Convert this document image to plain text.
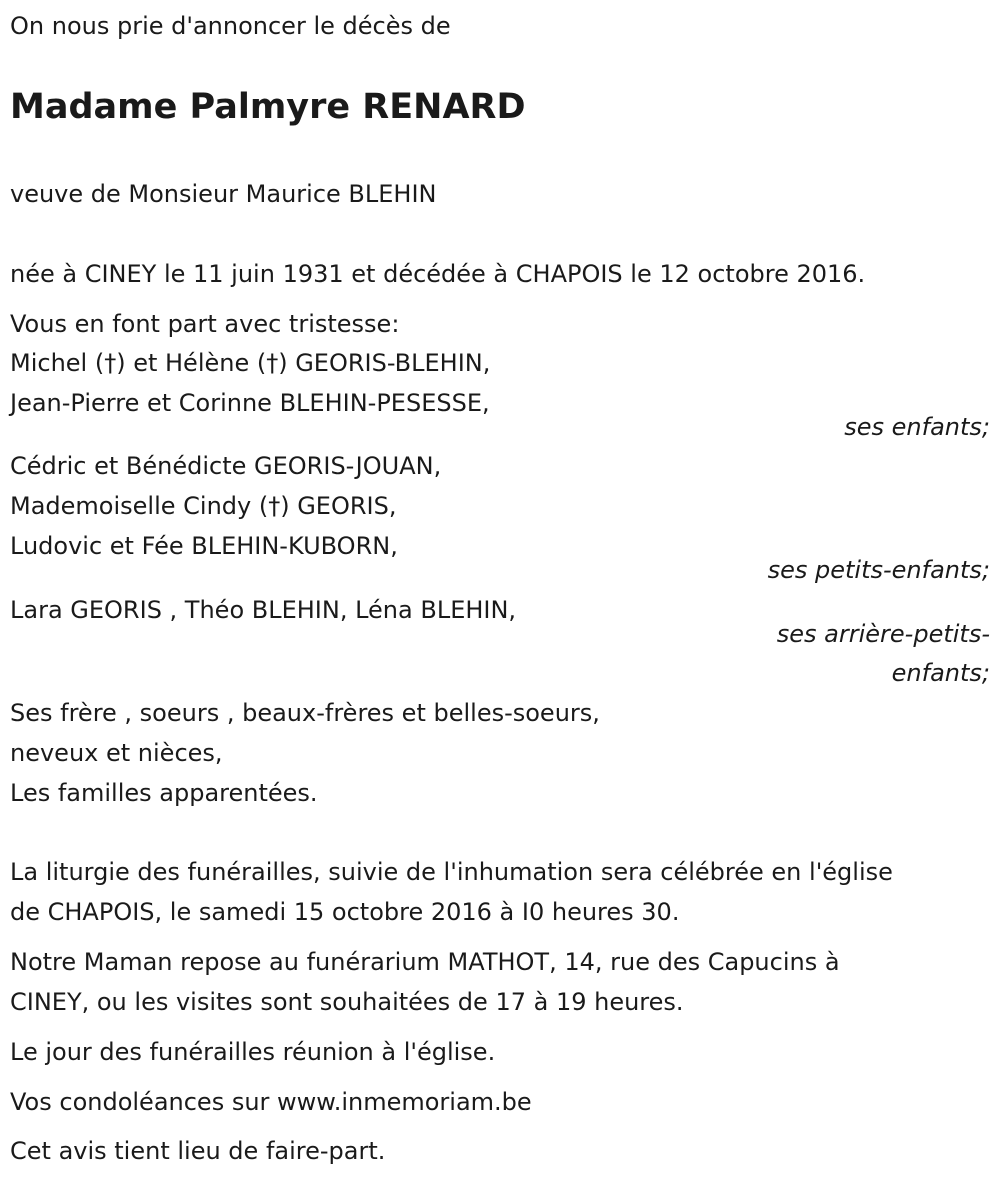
On nous prie d'annoncer le décès de
Madame Palmyre RENARD
veuve de Monsieur Maurice BLEHIN
née à CINEY le 11 juin 1931 et décédée à CHAPOIS le 12 octobre 2016.
Vous en font part avec tristesse:
Michel (†) et Hélène (†) GEORIS-BLEHIN,
Jean-Pierre et Corinne BLEHIN-PESESSE,
ses enfants;
Cédric et Bénédicte GEORIS-JOUAN,
Mademoiselle Cindy (†) GEORIS,
Ludovic et Fée BLEHIN-KUBORN,
ses petits-enfants;
Lara GEORIS , Théo BLEHIN, Léna BLEHIN,
ses arrière-petits-
enfants;
Ses frère , soeurs , beaux-frères et belles-soeurs,
neveux et nièces,
Les familles apparentées.
La liturgie des funérailles, suivie de l'inhumation sera célébrée en l'église
de CHAPOIS, le samedi 15 octobre 2016 à I0 heures 30.
Notre Maman repose au funérarium MATHOT, 14, rue des Capucins à
CINEY, ou les visites sont souhaitées de 17 à 19 heures.
Le jour des funérailles réunion à l'église.
Vos condoléances sur www.inmemoriam.be
Cet avis tient lieu de faire-part.
